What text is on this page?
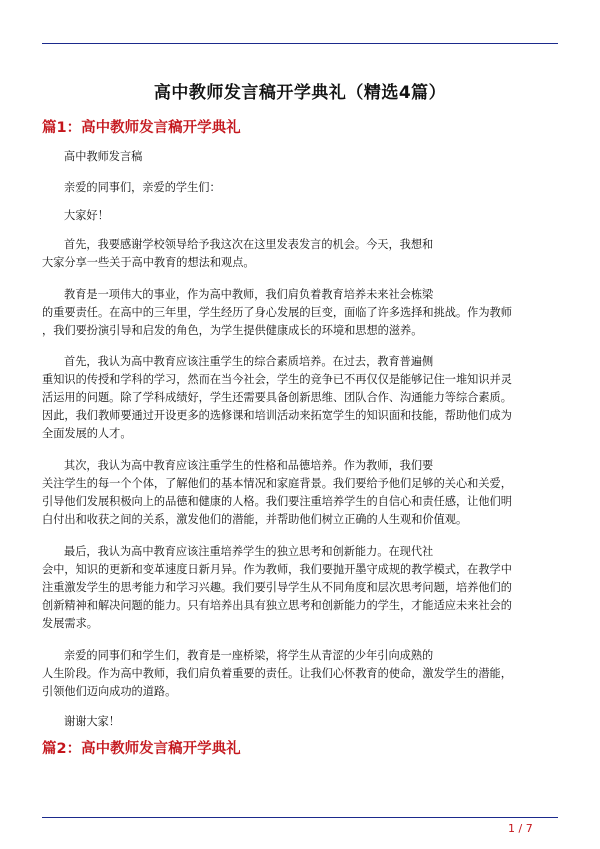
高中教师发言稿开学典礼（精选4篇）
篇1：高中教师发言稿开学典礼
高中教师发言稿
亲爱的同事们，亲爱的学生们：
大家好！
首先，我要感谢学校领导给予我这次在这里发表发言的机会。今天，我想和
大家分享一些关于高中教育的想法和观点。
教育是一项伟大的事业，作为高中教师，我们肩负着教育培养未来社会栋梁
的重要责任。在高中的三年里，学生经历了身心发展的巨变，面临了许多选择和挑战。作为教师
，我们要扮演引导和启发的角色，为学生提供健康成长的环境和思想的滋养。
首先，我认为高中教育应该注重学生的综合素质培养。在过去，教育普遍侧
重知识的传授和学科的学习，然而在当今社会，学生的竞争已不再仅仅是能够记住一堆知识并灵
活运用的问题。除了学科成绩好，学生还需要具备创新思维、团队合作、沟通能力等综合素质。
因此，我们教师要通过开设更多的选修课和培训活动来拓宽学生的知识面和技能，帮助他们成为
全面发展的人才。
其次，我认为高中教育应该注重学生的性格和品德培养。作为教师，我们要
关注学生的每一个个体，了解他们的基本情况和家庭背景。我们要给予他们足够的关心和关爱，
引导他们发展积极向上的品德和健康的人格。我们要注重培养学生的自信心和责任感，让他们明
白付出和收获之间的关系，激发他们的潜能，并帮助他们树立正确的人生观和价值观。
最后，我认为高中教育应该注重培养学生的独立思考和创新能力。在现代社
会中，知识的更新和变革速度日新月异。作为教师，我们要抛开墨守成规的教学模式，在教学中
注重激发学生的思考能力和学习兴趣。我们要引导学生从不同角度和层次思考问题，培养他们的
创新精神和解决问题的能力。只有培养出具有独立思考和创新能力的学生，才能适应未来社会的
发展需求。
亲爱的同事们和学生们，教育是一座桥梁，将学生从青涩的少年引向成熟的
人生阶段。作为高中教师，我们肩负着重要的责任。让我们心怀教育的使命，激发学生的潜能，
引领他们迈向成功的道路。
谢谢大家！
篇2：高中教师发言稿开学典礼
1 / 7
